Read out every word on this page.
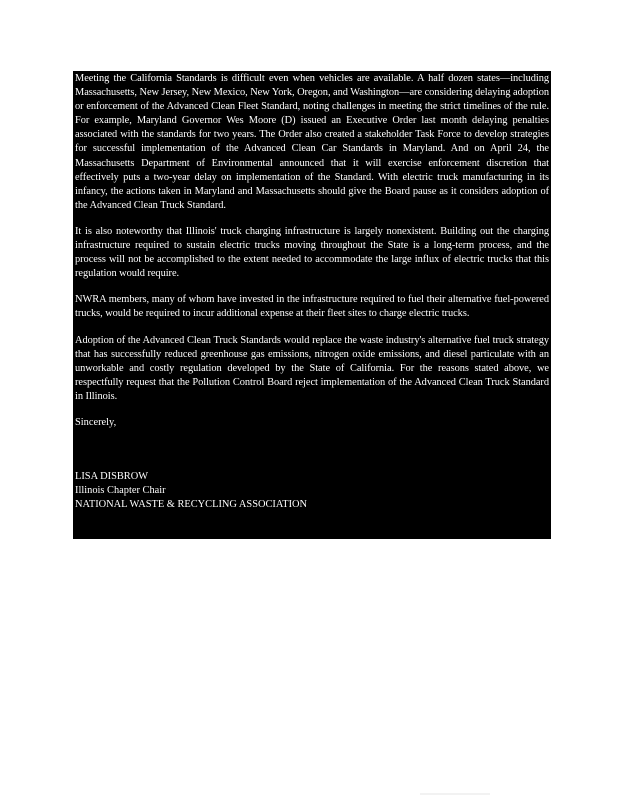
Meeting the California Standards is difficult even when vehicles are available. A half dozen states—including Massachusetts, New Jersey, New Mexico, New York, Oregon, and Washington—are considering delaying adoption or enforcement of the Advanced Clean Fleet Standard, noting challenges in meeting the strict timelines of the rule. For example, Maryland Governor Wes Moore (D) issued an Executive Order last month delaying penalties associated with the standards for two years. The Order also created a stakeholder Task Force to develop strategies for successful implementation of the Advanced Clean Car Standards in Maryland. And on April 24, the Massachusetts Department of Environmental announced that it will exercise enforcement discretion that effectively puts a two-year delay on implementation of the Standard. With electric truck manufacturing in its infancy, the actions taken in Maryland and Massachusetts should give the Board pause as it considers adoption of the Advanced Clean Truck Standard.

It is also noteworthy that Illinois' truck charging infrastructure is largely nonexistent. Building out the charging infrastructure required to sustain electric trucks moving throughout the State is a long-term process, and the process will not be accomplished to the extent needed to accommodate the large influx of electric trucks that this regulation would require.

NWRA members, many of whom have invested in the infrastructure required to fuel their alternative fuel-powered trucks, would be required to incur additional expense at their fleet sites to charge electric trucks.

Adoption of the Advanced Clean Truck Standards would replace the waste industry's alternative fuel truck strategy that has successfully reduced greenhouse gas emissions, nitrogen oxide emissions, and diesel particulate with an unworkable and costly regulation developed by the State of California. For the reasons stated above, we respectfully request that the Pollution Control Board reject implementation of the Advanced Clean Truck Standard in Illinois.

Sincerely,

LISA DISBROW

Illinois Chapter Chair

NATIONAL WASTE & RECYCLING ASSOCIATION
